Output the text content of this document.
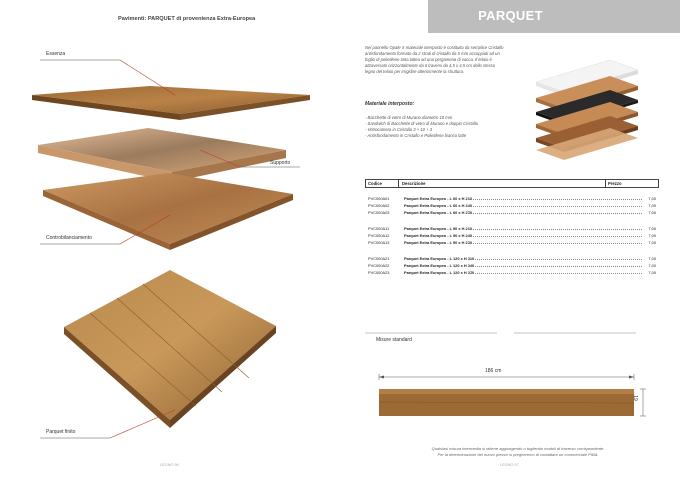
Pavimenti: PARQUET di provenienza Extra-Europea	PARQUET
Essenza
Supporto
Controbilanciamento
Parquet finito
Nel pannello Opale X materiale interposto è costituito da semplice Cristallo antisfondamento formato da 2 strati di cristallo da 5 mm accoppiati ad un foglio di polietilene tinta lattea ad una pergamena di vacca. Il telaio è attraversato orizzontalmente da 6 traversi da 4,5 x 4,5 cm dello stesso legno del telaio per irrigidire ulteriormente la struttura.
Materiale interposto:
- Bacchette di vetro di Murano diametro 10 mm
- Sandwich di Bacchette di vetro di Murano e doppio Cristallo
- Vetrocamera in Cristallo 3 + 10 + 3
- Antisfondamento in Cristallo e Polietilene bianco latte
Codice	Descrizione	Prezzo
PVC000A01	Parquet Extra Europeo - L 60 x H 210	7,00
PVC000A02	Parquet Extra Europeo - L 60 x H 240	7,00
PVC000A03	Parquet Extra Europeo - L 60 x H 270	7,00
PVC000A11	Parquet Extra Europeo - L 90 x H 210	7,00
PVC000A12	Parquet Extra Europeo - L 90 x H 240	7,00
PVC000A13	Parquet Extra Europeo - L 90 x H 270	7,00
PVC000A21	Parquet Extra Europeo - L 120 x H 210	7,00
PVC000A22	Parquet Extra Europeo - L 120 x H 240	7,00
PVC000A23	Parquet Extra Europeo - L 120 x H 270	7,00
Misure standard
186 cm
19
Qualsiasi misura intermedia si ottiene aggiungendo o togliendo moduli di traverso corrispondente.
Per la determinazione del nuovo prezzo si pregheremo di contattare un commerciale PIBA.
LEGNO 96	LEGNO 97
